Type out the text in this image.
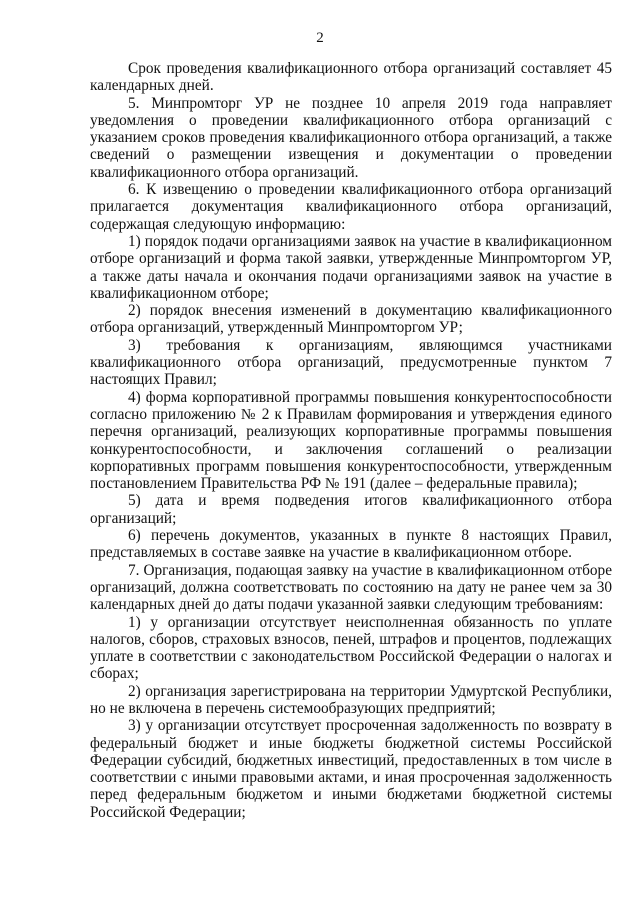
2

Срок проведения квалификационного отбора организаций составляет 45 календарных дней.

5. Минпромторг УР не позднее 10 апреля 2019 года направляет уведомления о проведении квалификационного отбора организаций с указанием сроков проведения квалификационного отбора организаций, а также сведений о размещении извещения и документации о проведении квалификационного отбора организаций.

6. К извещению о проведении квалификационного отбора организаций прилагается документация квалификационного отбора организаций, содержащая следующую информацию:

1) порядок подачи организациями заявок на участие в квалификационном отборе организаций и форма такой заявки, утвержденные Минпромторгом УР, а также даты начала и окончания подачи организациями заявок на участие в квалификационном отборе;

2) порядок внесения изменений в документацию квалификационного отбора организаций, утвержденный Минпромторгом УР;

3) требования к организациям, являющимся участниками квалификационного отбора организаций, предусмотренные пунктом 7 настоящих Правил;

4) форма корпоративной программы повышения конкурентоспособности согласно приложению № 2 к Правилам формирования и утверждения единого перечня организаций, реализующих корпоративные программы повышения конкурентоспособности, и заключения соглашений о реализации корпоративных программ повышения конкурентоспособности, утвержденным постановлением Правительства РФ № 191 (далее – федеральные правила);

5) дата и время подведения итогов квалификационного отбора организаций;

6) перечень документов, указанных в пункте 8 настоящих Правил, представляемых в составе заявке на участие в квалификационном отборе.

7. Организация, подающая заявку на участие в квалификационном отборе организаций, должна соответствовать по состоянию на дату не ранее чем за 30 календарных дней до даты подачи указанной заявки следующим требованиям:

1) у организации отсутствует неисполненная обязанность по уплате налогов, сборов, страховых взносов, пеней, штрафов и процентов, подлежащих уплате в соответствии с законодательством Российской Федерации о налогах и сборах;

2) организация зарегистрирована на территории Удмуртской Республики, но не включена в перечень системообразующих предприятий;

3) у организации отсутствует просроченная задолженность по возврату в федеральный бюджет и иные бюджеты бюджетной системы Российской Федерации субсидий, бюджетных инвестиций, предоставленных в том числе в соответствии с иными правовыми актами, и иная просроченная задолженность перед федеральным бюджетом и иными бюджетами бюджетной системы Российской Федерации;
